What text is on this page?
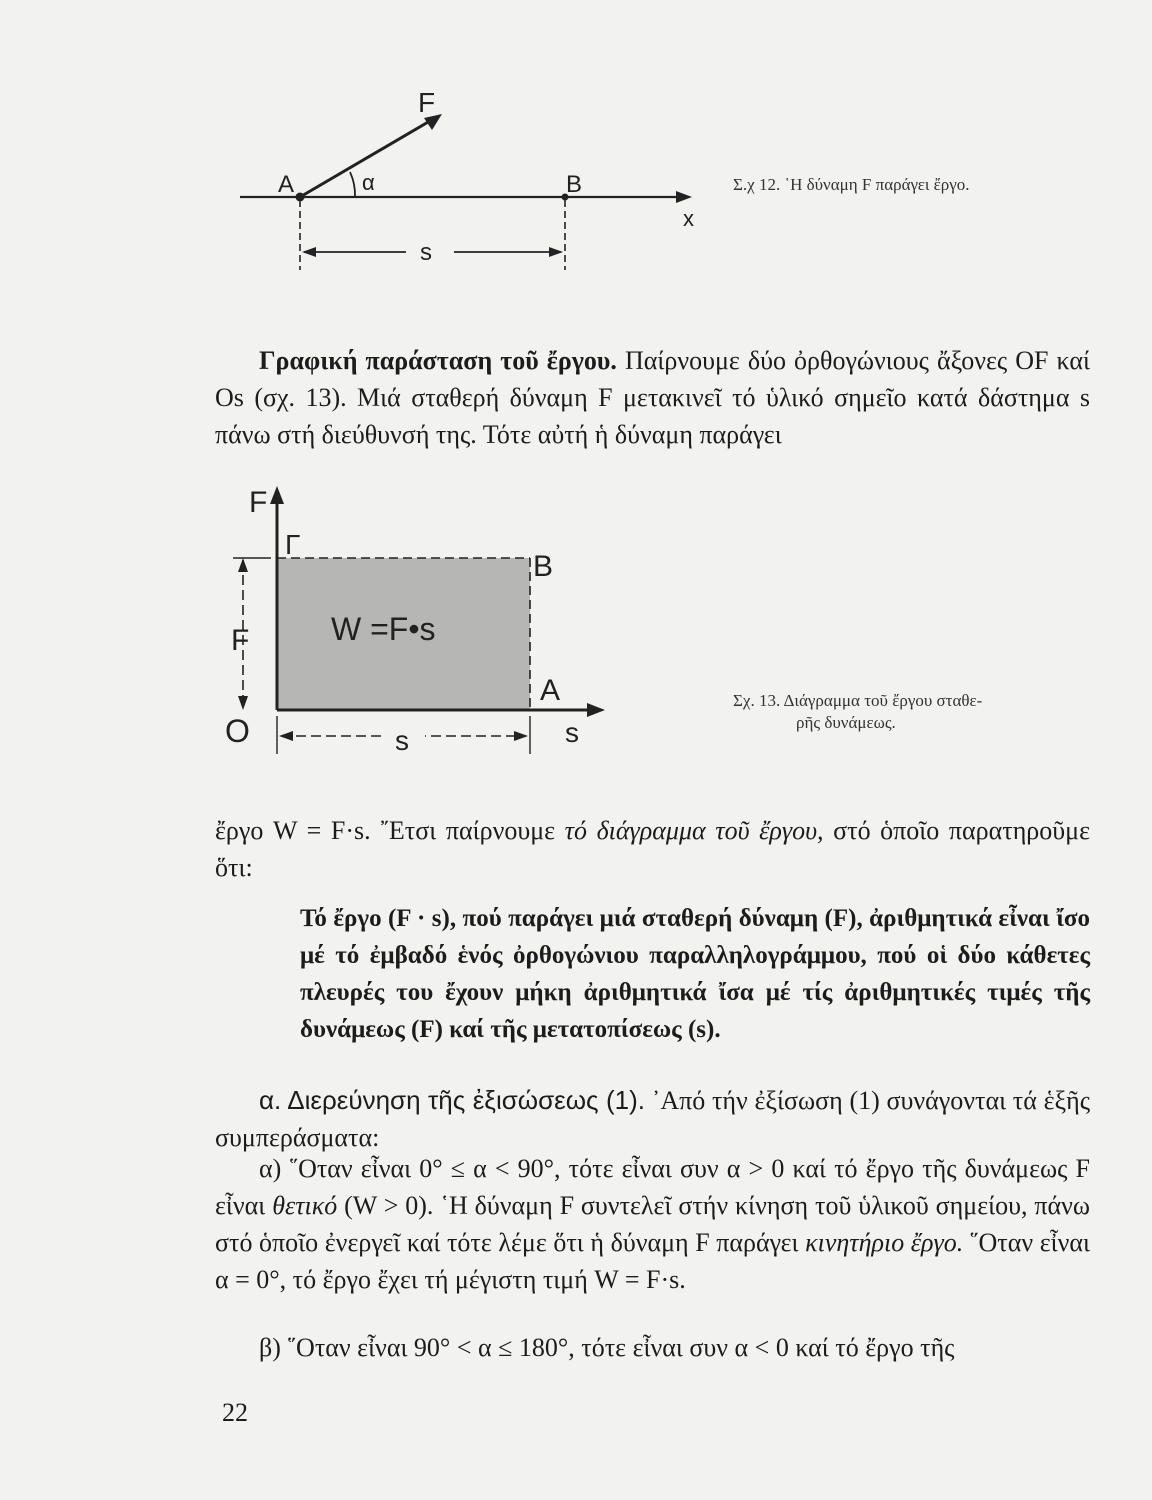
F
α
A	B
x
s
Σ.χ 12. ῾Η δύναμη F παράγει ἔργο.
Γραφική παράσταση τοῦ ἔργου. Παίρνουμε δύο ὀρθογώνιους ἄξονες OF καί Os (σχ. 13). Μιά σταθερή δύναμη F μετακινεῖ τό ὑλικό σημεῖο κατά δάστημα s πάνω στή διεύθυνσή της. Τότε αὐτή ἡ δύναμη παράγει
F
Γ
B
F	W =F•s
A
O	s
s
Σχ. 13. Διάγραμμα τοῦ ἔργου σταθε-
ρῆς δυνάμεως.
ἔργο W = F·s. ῎Ετσι παίρνουμε τό διάγραμμα τοῦ ἔργου, στό ὁποῖο παρατηροῦμε ὅτι:
Τό ἔργο (F · s), πού παράγει μιά σταθερή δύναμη (F), ἀριθμητικά εἶναι ἴσο μέ τό ἐμβαδό ἑνός ὀρθογώνιου παραλληλογράμμου, πού οἱ δύο κάθετες πλευρές του ἔχουν μήκη ἀριθμητικά ἴσα μέ τίς ἀριθμητικές τιμές τῆς δυνάμεως (F) καί τῆς μετατοπίσεως (s).
α. Διερεύνηση τῆς ἐξισώσεως (1). ᾿Από τήν ἐξίσωση (1) συνάγονται τά ἑξῆς συμπεράσματα:
α) ῞Οταν εἶναι 0° ≤ α < 90°, τότε εἶναι συν α > 0 καί τό ἔργο τῆς δυνάμεως F εἶναι θετικό (W > 0). ῾Η δύναμη F συντελεῖ στήν κίνηση τοῦ ὑλικοῦ σημείου, πάνω στό ὁποῖο ἐνεργεῖ καί τότε λέμε ὅτι ἡ δύναμη F παράγει κινητήριο ἔργο. ῞Οταν εἶναι α = 0°, τό ἔργο ἔχει τή μέγιστη τιμή W = F·s.
β) ῞Οταν εἶναι 90° < α ≤ 180°, τότε εἶναι συν α < 0 καί τό ἔργο τῆς
22
